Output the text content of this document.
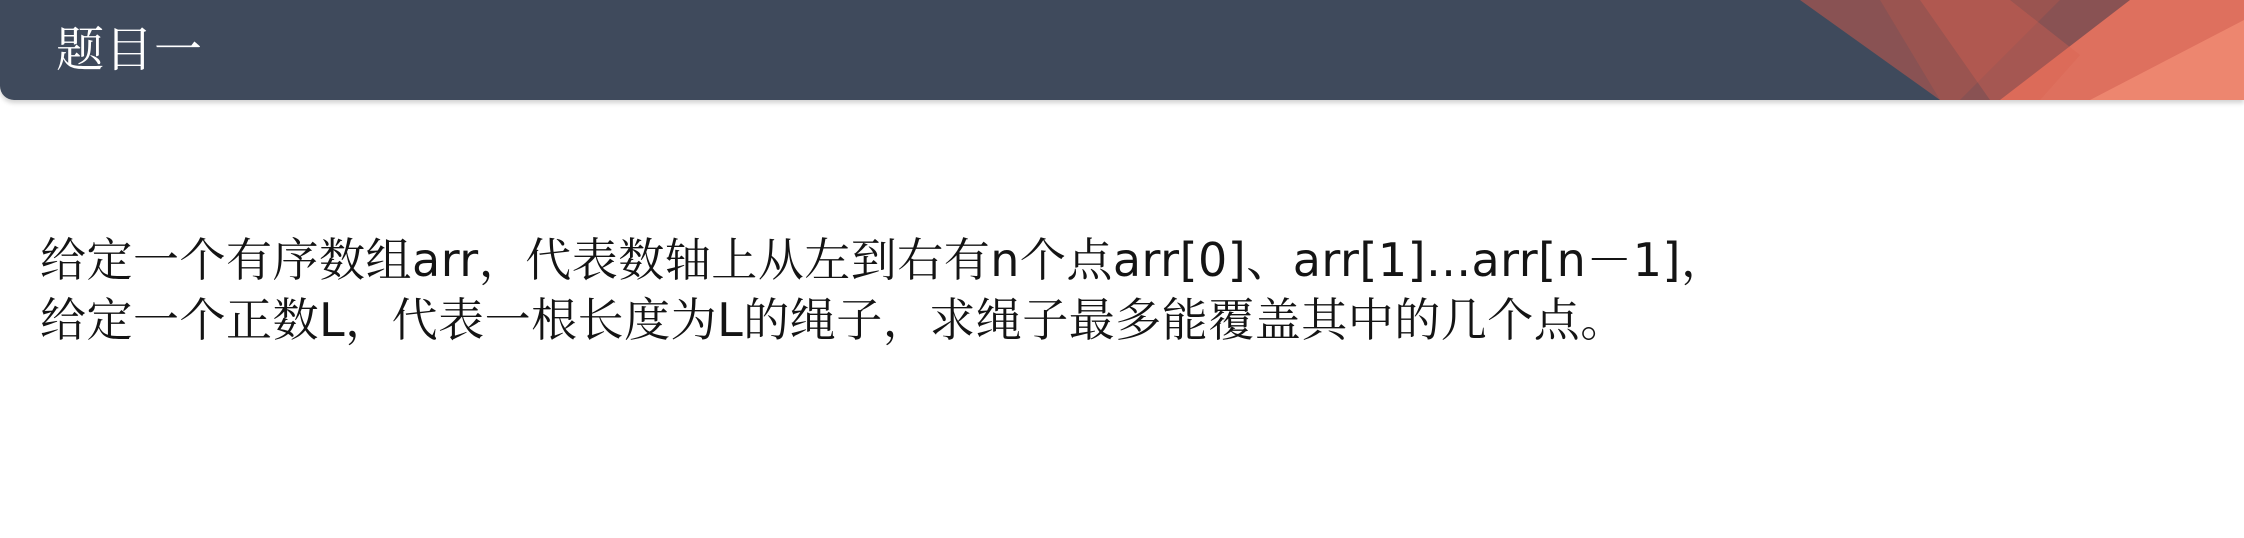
题目一
给定一个有序数组arr，代表数轴上从左到右有n个点arr[0]、arr[1]...arr[n－1]，
给定一个正数L，代表一根长度为L的绳子，求绳子最多能覆盖其中的几个点。
